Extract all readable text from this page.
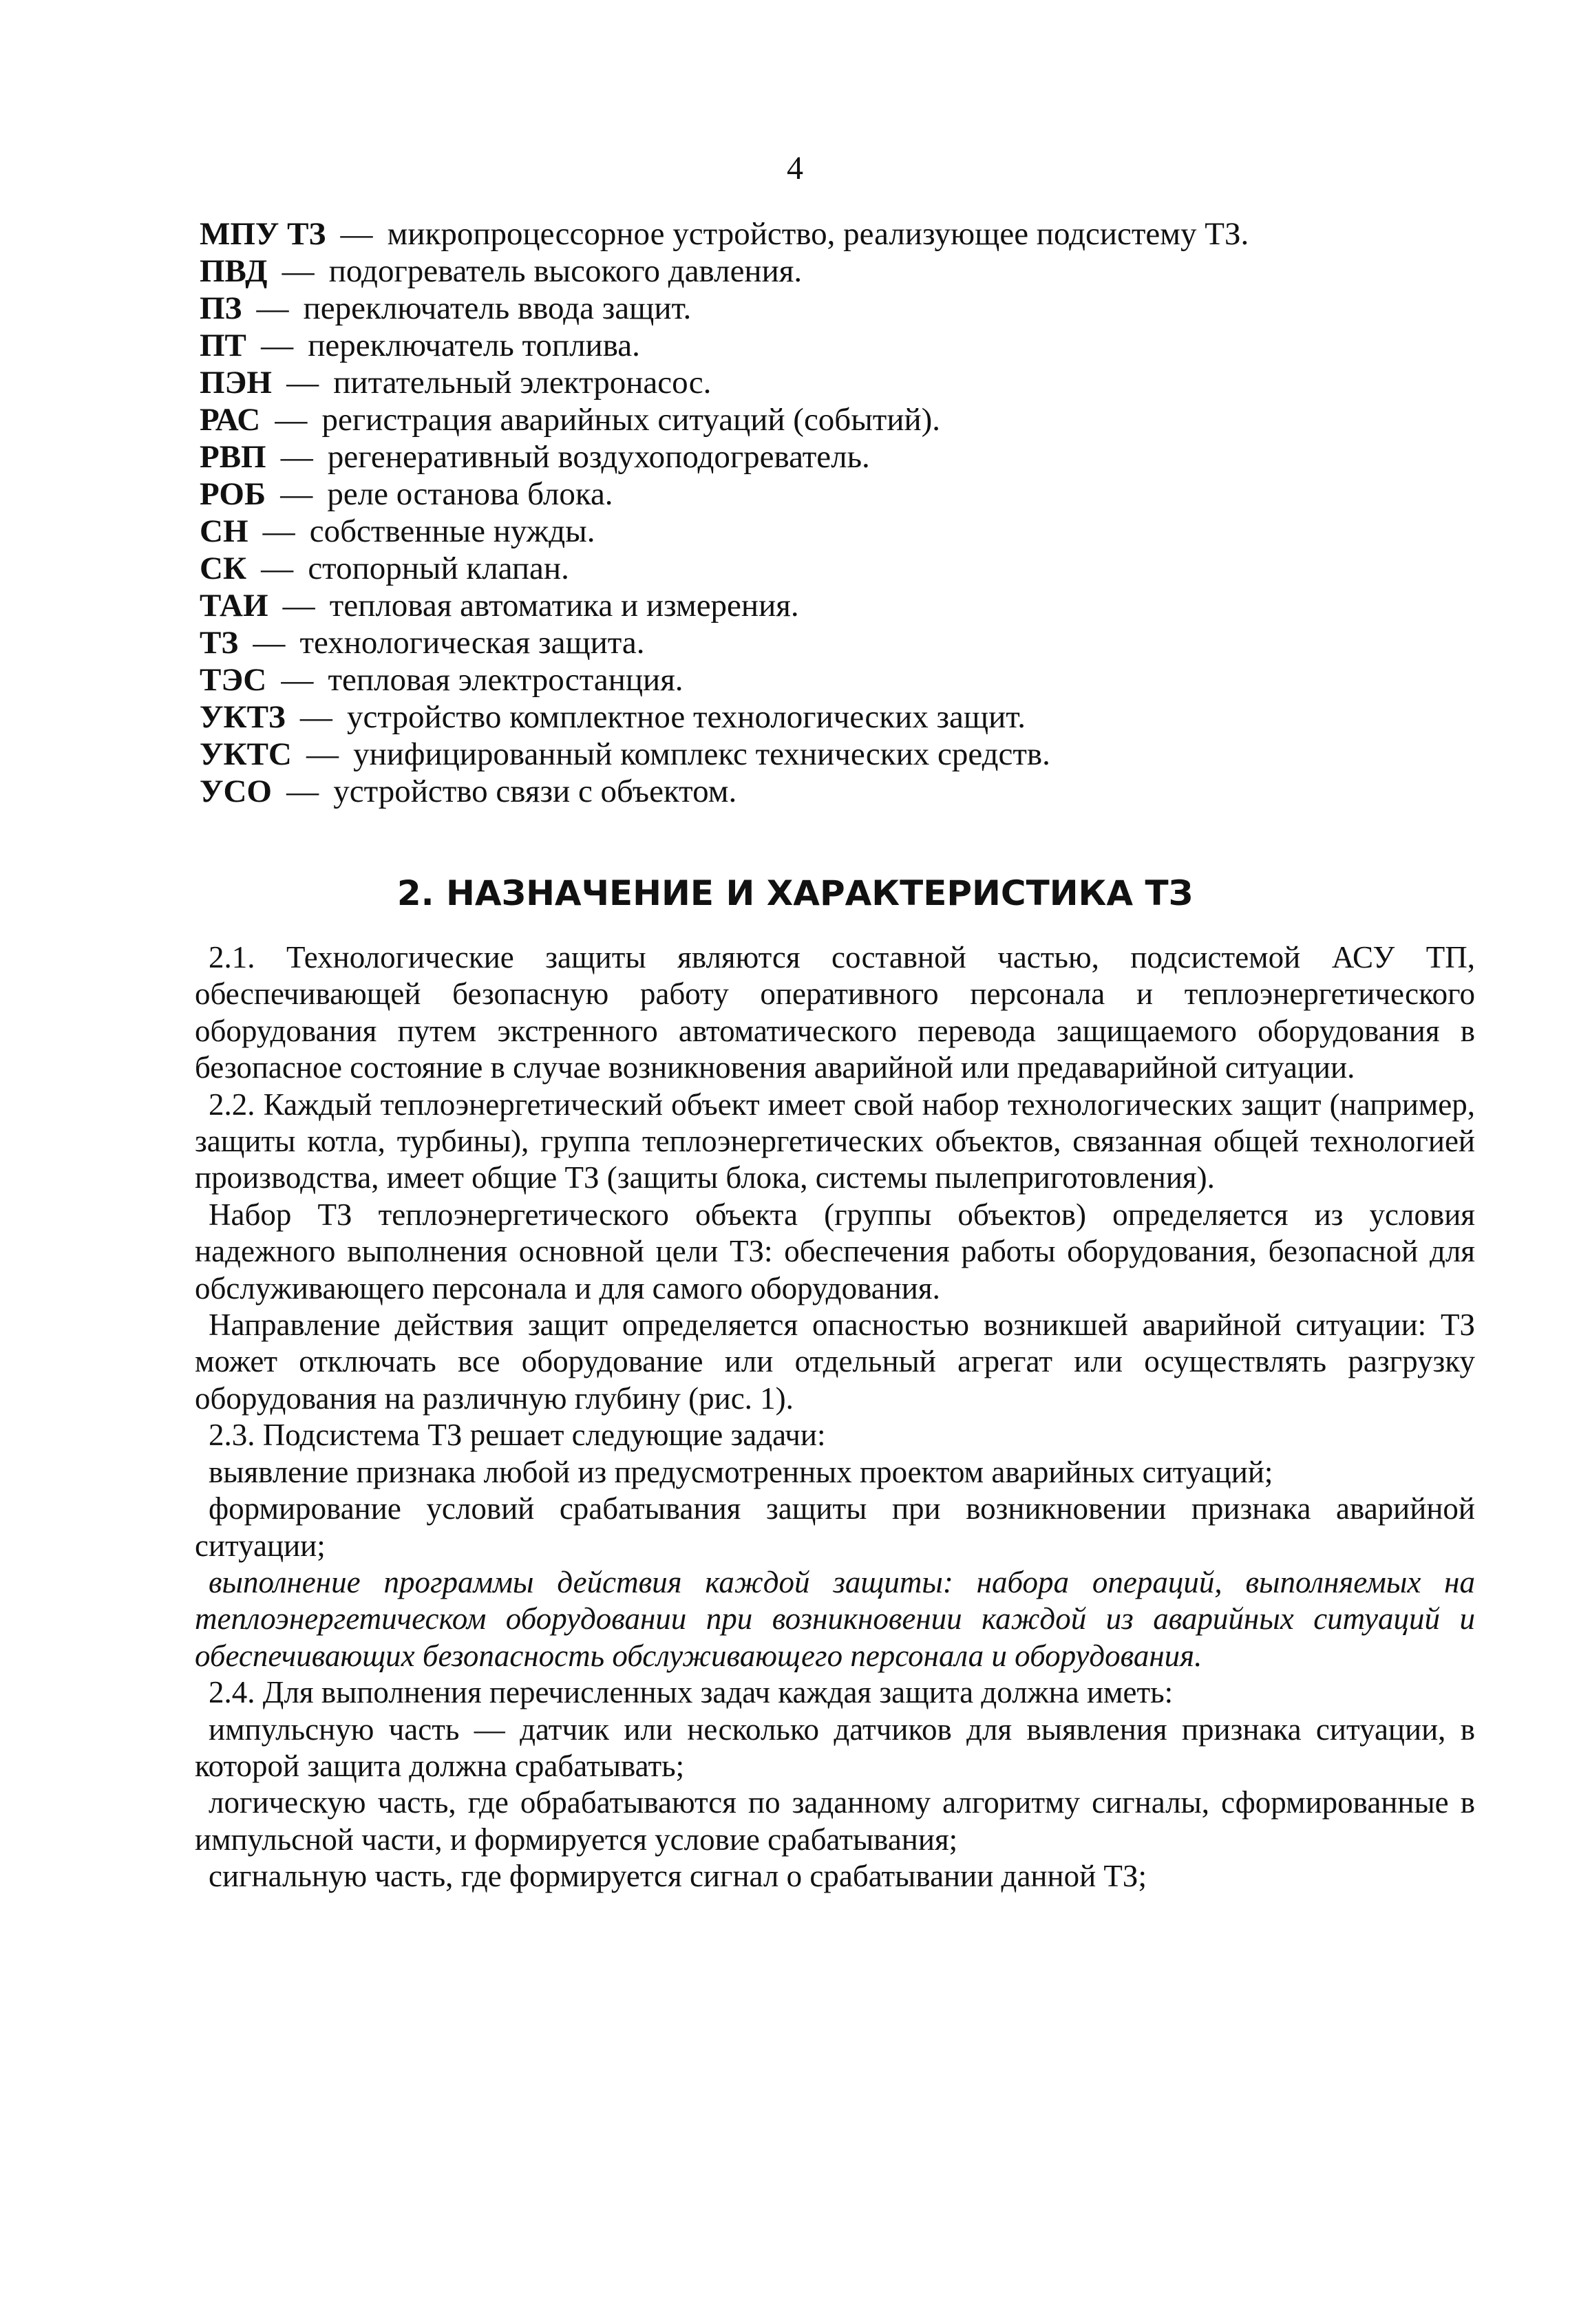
4
МПУ ТЗ — микропроцессорное устройство, реализующее подсистему ТЗ.
ПВД — подогреватель высокого давления.
ПЗ — переключатель ввода защит.
ПТ — переключатель топлива.
ПЭН — питательный электронасос.
РАС — регистрация аварийных ситуаций (событий).
РВП — регенеративный воздухоподогреватель.
РОБ — реле останова блока.
СН — собственные нужды.
СК — стопорный клапан.
ТАИ — тепловая автоматика и измерения.
ТЗ — технологическая защита.
ТЭС — тепловая электростанция.
УКТЗ — устройство комплектное технологических защит.
УКТС — унифицированный комплекс технических средств.
УСО — устройство связи с объектом.
2. НАЗНАЧЕНИЕ И ХАРАКТЕРИСТИКА ТЗ

2.1. Технологические защиты являются составной частью, подсистемой АСУ ТП, обеспечивающей безопасную работу оперативного персонала и теплоэнергетического оборудования путем экстренного автоматического перевода защищаемого оборудования в безопасное состояние в случае возникновения аварийной или предаварийной ситуации.

2.2. Каждый теплоэнергетический объект имеет свой набор технологических защит (например, защиты котла, турбины), группа теплоэнергетических объектов, связанная общей технологией производства, имеет общие ТЗ (защиты блока, системы пылеприготовления).

Набор ТЗ теплоэнергетического объекта (группы объектов) определяется из условия надежного выполнения основной цели ТЗ: обеспечения работы оборудования, безопасной для обслуживающего персонала и для самого оборудования.

Направление действия защит определяется опасностью возникшей аварийной ситуации: ТЗ может отключать все оборудование или отдельный агрегат или осуществлять разгрузку оборудования на различную глубину (рис. 1).

2.3. Подсистема ТЗ решает следующие задачи:

выявление признака любой из предусмотренных проектом аварийных ситуаций;

формирование условий срабатывания защиты при возникновении признака аварийной ситуации;

выполнение программы действия каждой защиты: набора операций, выполняемых на теплоэнергетическом оборудовании при возникновении каждой из аварийных ситуаций и обеспечивающих безопасность обслуживающего персонала и оборудования.

2.4. Для выполнения перечисленных задач каждая защита должна иметь:

импульсную часть — датчик или несколько датчиков для выявления признака ситуации, в которой защита должна срабатывать;

логическую часть, где обрабатываются по заданному алгоритму сигналы, сформированные в импульсной части, и формируется условие срабатывания;

сигнальную часть, где формируется сигнал о срабатывании данной ТЗ;
